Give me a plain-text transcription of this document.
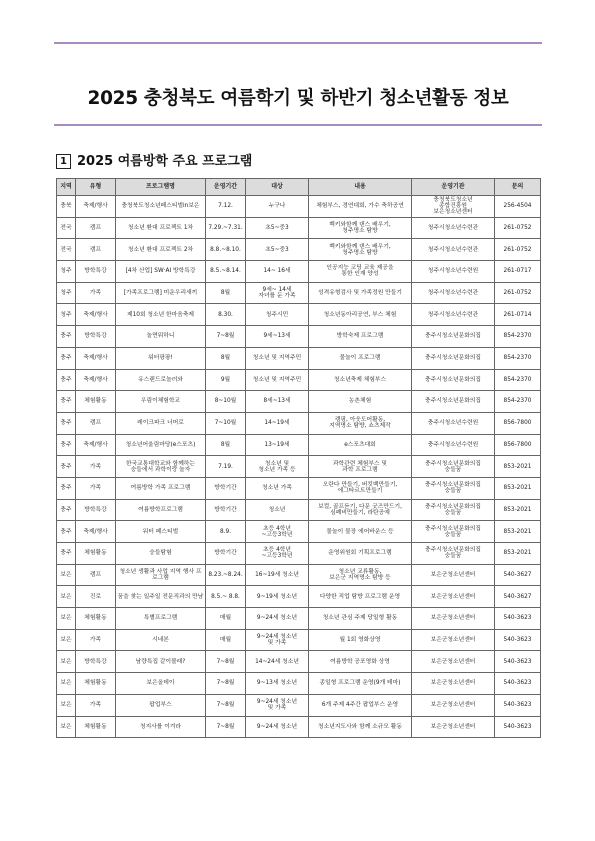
2025 충청북도 여름학기 및 하반기 청소년활동 정보
1 2025 여름방학 주요 프로그램
지역	유형	프로그램명	운영기간	대상	내용	운영기관	문의
충북	축제/행사	충청북도청소년페스티벌in보은	7.12.	누구나	체험부스, 경연대회, 가수 축하공연	충청북도청소년
종합진흥원
보은청소년센터	256-4504
전국	캠프	청소년 환대 프로젝트 1차	7.29.~7.31.	초5~중3	벡키와함께 댄스 배우기,
청주명소 탐방	청주시청소년수련관	261-0752
전국	캠프	청소년 환대 프로젝트 2차	8.8.~8.10.	초5~중3	벡키와함께 댄스 배우기,
청주명소 탐방	청주시청소년수련관	261-0752
청주	방학특강	[4차 산업] SW·AI 방학특강	8.5.~8.14.	14~ 16세	인공지능 코딩 교육 제공을
통한 인재 양성	청주시청소년수련원	261-0717
청주	가족	[가족프로그램] 미운우리새끼	8월	9세~ 14세
자녀를 둔 가족	성격유형검사 및 가족정원 만들기	청주시청소년수련관	261-0752
청주	축제/행사	제10회 청소년 한마음축제	8.30.	청주시민	청소년동아리공연, 부스 체험	청주시청소년수련관	261-0714
충주	방학특강	놀면뭐하니	7~8월	9세~13세	방학숙제 프로그램	충주시청소년문화의집	854-2370
충주	축제/행사	워터팡팡!	8월	청소년 및 지역주민	물놀이 프로그램	충주시청소년문화의집	854-2370
충주	축제/행사	유스랜드로놀러와	9월	청소년 및 지역주민	청소년축제 체험부스	충주시청소년문화의집	854-2370
충주	체험활동	우림이체험학교	8~10월	8세~13세	농촌체험	충주시청소년문화의집	854-2370
충주	캠프	레이크파크 너머로	7~10월	14~19세	캠핑, 아웃도어활동,
지역명소 탐방, 쇼츠제작	충주시청소년수련원	856-7800
충주	축제/행사	청소년어울림마당(e스포츠)	8월	13~19세	e스포츠대회	충주시청소년수련원	856-7800
충주	가족	한국교통대학교와 함께하는
숭들에서 과학이랑 놀자	7.19.	청소년 및
청소년 가족 등	과학관련 체험부스 및
과학 프로그램	충주시청소년문화의집
숭들꿈	853-2021
충주	가족	여름방학 가족 프로그램	방학기간	청소년 가족	오란다 만들기, 버킷백만들기,
에그타르트만들기	충주시청소년문화의집
숭들꿈	853-2021
충주	방학특강	여름방학프로그램	방학기간	청소년	보컬, 골프듣기, 다문 굿즈만드기,
심폐비만들기, 라탄공예	충주시청소년문화의집
숭들꿈	853-2021
충주	축제/행사	워터 페스티벌	8.9.	초등 4학년
~고등3학년	물놀이 물장 에어바운스 등	충주시청소년문화의집
숭들꿈	853-2021
충주	체험활동	숭들탐험	방학기간	초등 4학년
~고등3학년	운영위원회 기획프로그램	충주시청소년문화의집
숭들꿈	853-2021
보은	캠프	청소년 생활과 사업 지역 행사 프로그램	8.23.~8.24.	16~19세 청소년	청소년 교류활동,
보은군 지역명소 탐방 등	보은군청소년센터	540-3627
보은	진로	꿈을 찾는 일주일 전문직과의 만남	8.5.~ 8.8.	9~19세 청소년	다양한 직업 탐방 프로그램 운영	보은군청소년센터	540-3627
보은	체험활동	특별프로그램	매월	9~24세 청소년	청소년 관심 주제 당일형 활동	보은군청소년센터	540-3623
보은	가족	시네본	매월	9~24세 청소년
및 가족	월 1회 영화상영	보은군청소년센터	540-3623
보은	방학특강	남량특집 같이볼래?	7~8월	14~24세 청소년	여름방학 공포영화 상영	보은군청소년센터	540-3623
보은	체험활동	보은올데이	7~8월	9~13세 청소년	종일형 프로그램 운영(9개 테마)	보은군청소년센터	540-3623
보은	가족	팝업부스	7~8월	9~24세 청소년
및 가족	6개 주제 4주간 팝업부스 운영	보은군청소년센터	540-3623
보은	체험활동	청지사를 이겨라	7~8월	9~24세 청소년	청소년지도사와 함께 소규모 활동	보은군청소년센터	540-3623
